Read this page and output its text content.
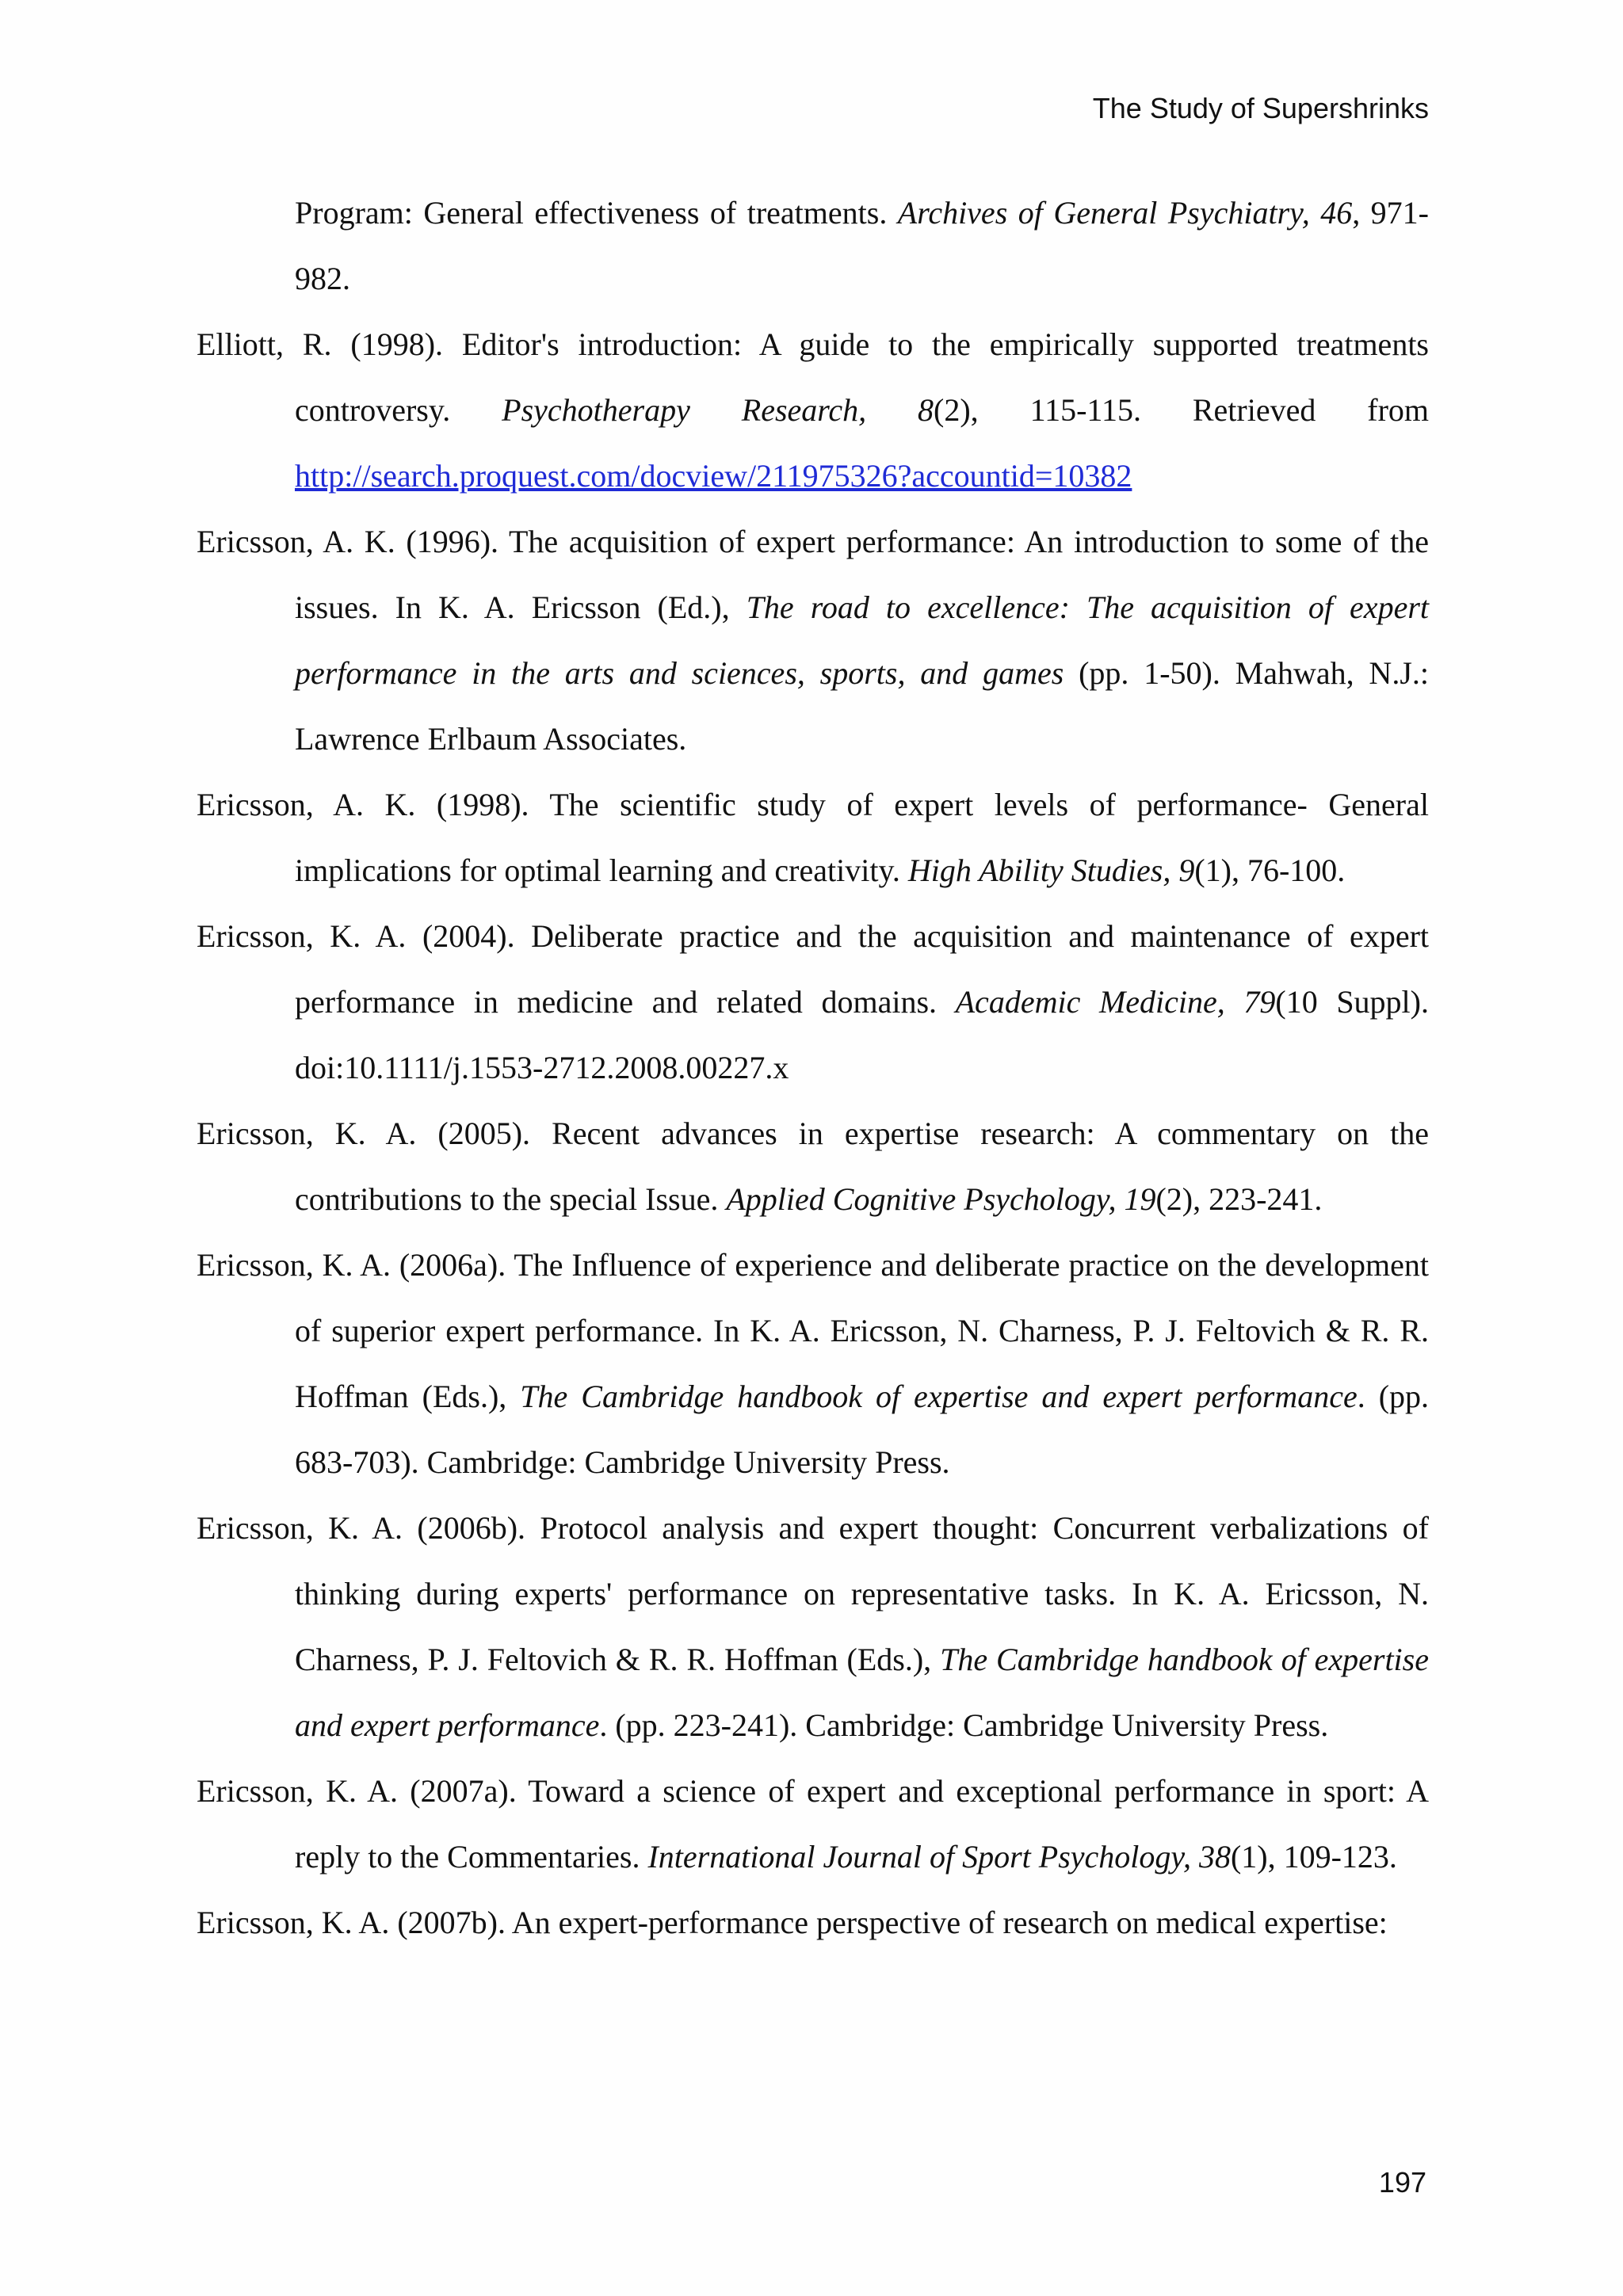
The Study of Supershrinks

Program: General effectiveness of treatments. Archives of General Psychiatry, 46, 971-982.

Elliott, R. (1998). Editor's introduction: A guide to the empirically supported treatments controversy. Psychotherapy Research, 8(2), 115-115. Retrieved from http://search.proquest.com/docview/211975326?accountid=10382

Ericsson, A. K. (1996). The acquisition of expert performance: An introduction to some of the issues. In K. A. Ericsson (Ed.), The road to excellence: The acquisition of expert performance in the arts and sciences, sports, and games (pp. 1-50). Mahwah, N.J.: Lawrence Erlbaum Associates.

Ericsson, A. K. (1998). The scientific study of expert levels of performance- General implications for optimal learning and creativity. High Ability Studies, 9(1), 76-100.

Ericsson, K. A. (2004). Deliberate practice and the acquisition and maintenance of expert performance in medicine and related domains. Academic Medicine, 79(10 Suppl). doi:10.1111/j.1553-2712.2008.00227.x

Ericsson, K. A. (2005). Recent advances in expertise research: A commentary on the contributions to the special Issue. Applied Cognitive Psychology, 19(2), 223-241.

Ericsson, K. A. (2006a). The Influence of experience and deliberate practice on the development of superior expert performance. In K. A. Ericsson, N. Charness, P. J. Feltovich & R. R. Hoffman (Eds.), The Cambridge handbook of expertise and expert performance. (pp. 683-703). Cambridge: Cambridge University Press.

Ericsson, K. A. (2006b). Protocol analysis and expert thought: Concurrent verbalizations of thinking during experts' performance on representative tasks. In K. A. Ericsson, N. Charness, P. J. Feltovich & R. R. Hoffman (Eds.), The Cambridge handbook of expertise and expert performance. (pp. 223-241). Cambridge: Cambridge University Press.

Ericsson, K. A. (2007a). Toward a science of expert and exceptional performance in sport: A reply to the Commentaries. International Journal of Sport Psychology, 38(1), 109-123.

Ericsson, K. A. (2007b). An expert-performance perspective of research on medical expertise:

197
